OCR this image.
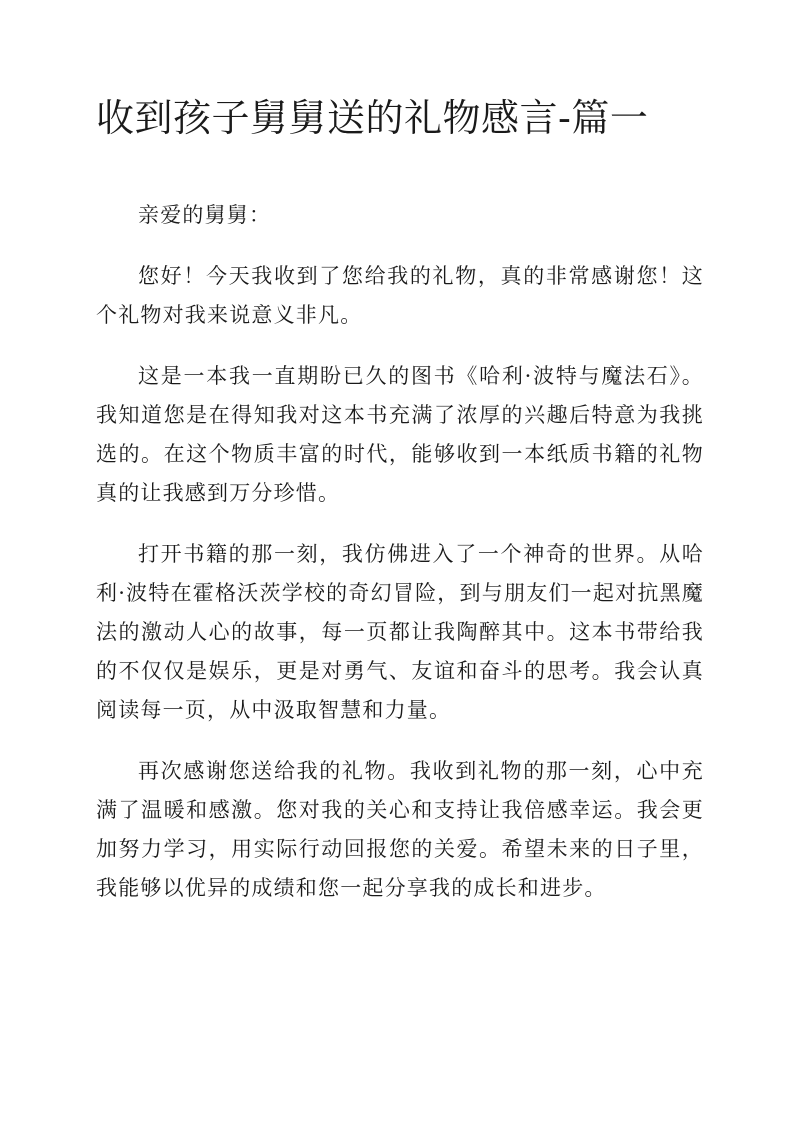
收到孩子舅舅送的礼物感言-篇一

亲爱的舅舅：

您好！今天我收到了您给我的礼物，真的非常感谢您！这个礼物对我来说意义非凡。

这是一本我一直期盼已久的图书《哈利·波特与魔法石》。我知道您是在得知我对这本书充满了浓厚的兴趣后特意为我挑选的。在这个物质丰富的时代，能够收到一本纸质书籍的礼物真的让我感到万分珍惜。

打开书籍的那一刻，我仿佛进入了一个神奇的世界。从哈利·波特在霍格沃茨学校的奇幻冒险，到与朋友们一起对抗黑魔法的激动人心的故事，每一页都让我陶醉其中。这本书带给我的不仅仅是娱乐，更是对勇气、友谊和奋斗的思考。我会认真阅读每一页，从中汲取智慧和力量。

再次感谢您送给我的礼物。我收到礼物的那一刻，心中充满了温暖和感激。您对我的关心和支持让我倍感幸运。我会更加努力学习，用实际行动回报您的关爱。希望未来的日子里，我能够以优异的成绩和您一起分享我的成长和进步。
